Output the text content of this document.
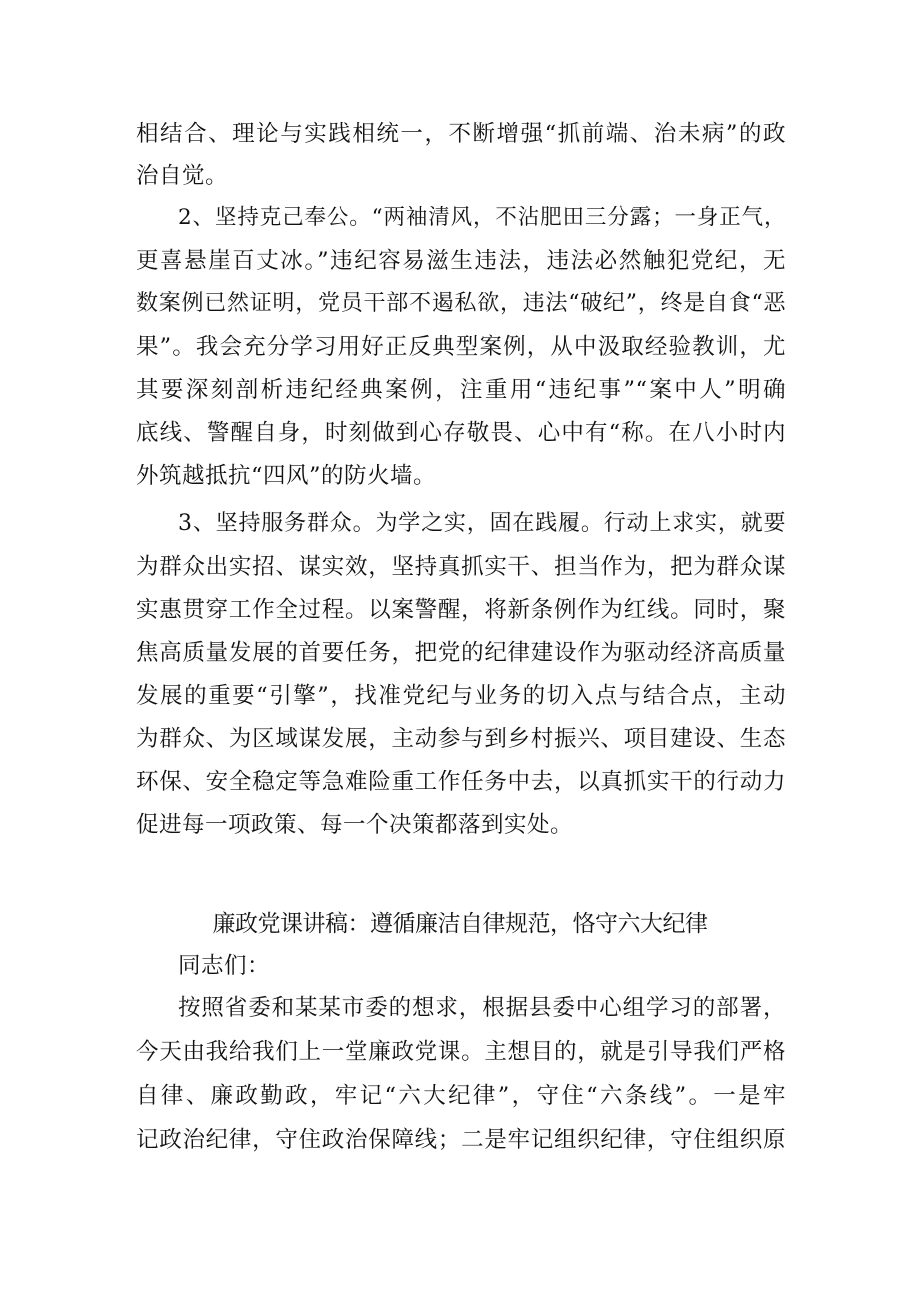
相结合、理论与实践相统一，不断增强“抓前端、治未病”的政
治自觉。
2、坚持克己奉公。“两袖清风，不沾肥田三分露；一身正气，
更喜悬崖百丈冰。”违纪容易滋生违法，违法必然触犯党纪，无
数案例已然证明，党员干部不遏私欲，违法“破纪”，终是自食“恶
果”。我会充分学习用好正反典型案例，从中汲取经验教训，尤
其要深刻剖析违纪经典案例，注重用“违纪事”“案中人”明确
底线、警醒自身，时刻做到心存敬畏、心中有“称。在八小时内
外筑越抵抗“四风”的防火墙。
3、坚持服务群众。为学之实，固在践履。行动上求实，就要
为群众出实招、谋实效，坚持真抓实干、担当作为，把为群众谋
实惠贯穿工作全过程。以案警醒，将新条例作为红线。同时，聚
焦高质量发展的首要任务，把党的纪律建设作为驱动经济高质量
发展的重要“引擎”，找准党纪与业务的切入点与结合点，主动
为群众、为区域谋发展，主动参与到乡村振兴、项目建设、生态
环保、安全稳定等急难险重工作任务中去，以真抓实干的行动力
促进每一项政策、每一个决策都落到实处。
廉政党课讲稿：遵循廉洁自律规范，恪守六大纪律
同志们：
按照省委和某某市委的想求，根据县委中心组学习的部署，
今天由我给我们上一堂廉政党课。主想目的，就是引导我们严格
自律、廉政勤政，牢记“六大纪律”，守住“六条线”。一是牢
记政治纪律，守住政治保障线；二是牢记组织纪律，守住组织原
